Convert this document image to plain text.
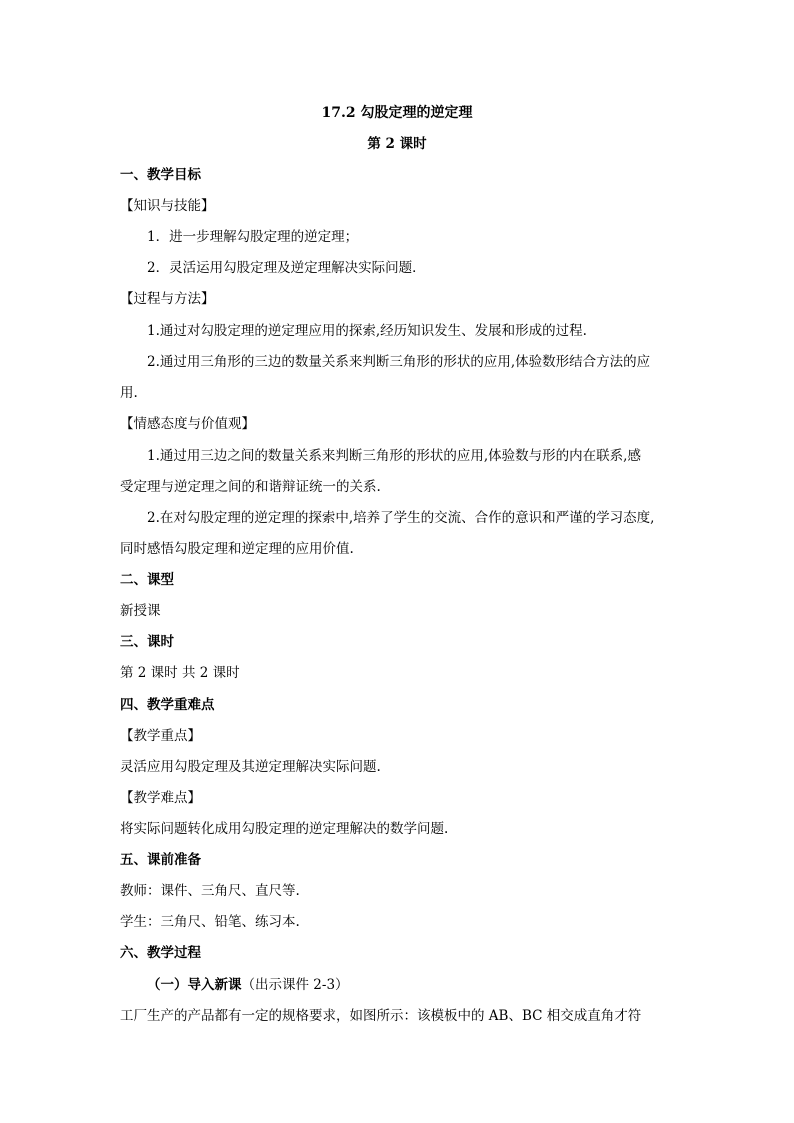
17.2 勾股定理的逆定理
第 2 课时
一、教学目标
【知识与技能】
1．进一步理解勾股定理的逆定理；
2．灵活运用勾股定理及逆定理解决实际问题．
【过程与方法】
1.通过对勾股定理的逆定理应用的探索,经历知识发生、发展和形成的过程.
2.通过用三角形的三边的数量关系来判断三角形的形状的应用,体验数形结合方法的应
用.
【情感态度与价值观】
1.通过用三边之间的数量关系来判断三角形的形状的应用,体验数与形的内在联系,感
受定理与逆定理之间的和谐辩证统一的关系.
2.在对勾股定理的逆定理的探索中,培养了学生的交流、合作的意识和严谨的学习态度,
同时感悟勾股定理和逆定理的应用价值.
二、课型
新授课
三、课时
第 2 课时 共 2 课时
四、教学重难点
【教学重点】
灵活应用勾股定理及其逆定理解决实际问题.
【教学难点】
将实际问题转化成用勾股定理的逆定理解决的数学问题.
五、课前准备
教师：课件、三角尺、直尺等.
学生：三角尺、铅笔、练习本.
六、教学过程
（一）导入新课（出示课件 2-3）
工厂生产的产品都有一定的规格要求，如图所示：该模板中的 AB、BC 相交成直角才符
